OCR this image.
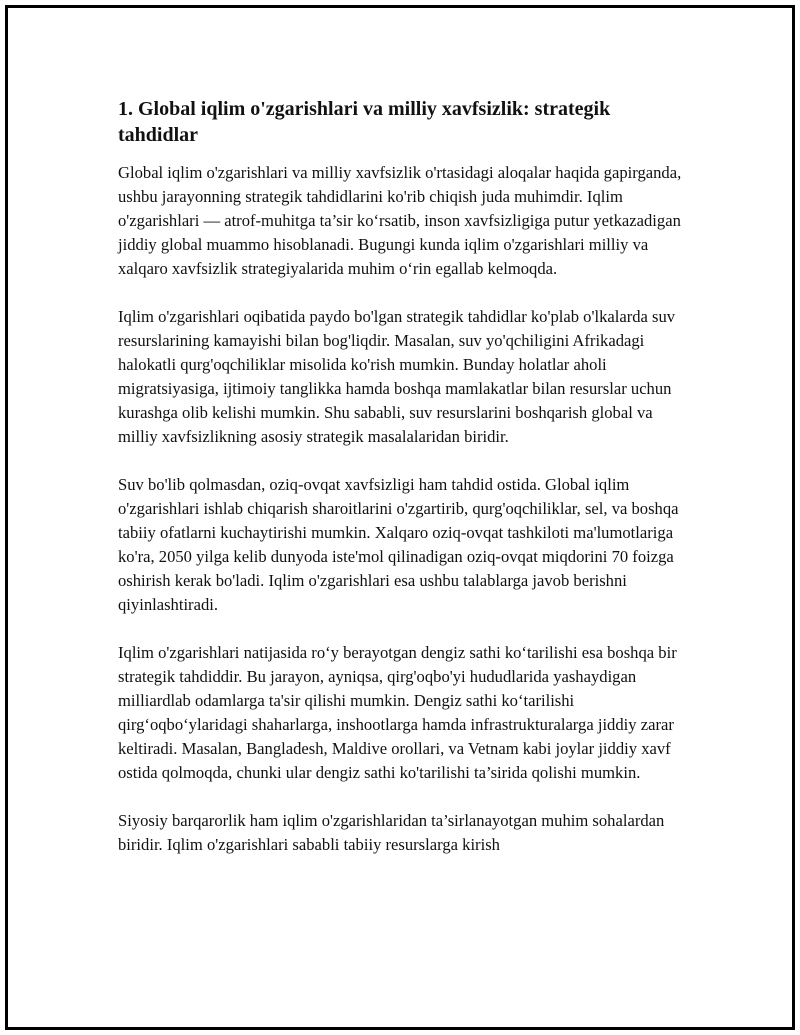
1. Global iqlim o'zgarishlari va milliy xavfsizlik: strategik tahdidlar

Global iqlim o'zgarishlari va milliy xavfsizlik o'rtasidagi aloqalar haqida gapirganda, ushbu jarayonning strategik tahdidlarini ko'rib chiqish juda muhimdir. Iqlim o'zgarishlari — atrof-muhitga ta’sir ko‘rsatib, inson xavfsizligiga putur yetkazadigan jiddiy global muammo hisoblanadi. Bugungi kunda iqlim o'zgarishlari milliy va xalqaro xavfsizlik strategiyalarida muhim o‘rin egallab kelmoqda.

Iqlim o'zgarishlari oqibatida paydo bo'lgan strategik tahdidlar ko'plab o'lkalarda suv resurslarining kamayishi bilan bog'liqdir. Masalan, suv yo'qchiligini Afrikadagi halokatli qurg'oqchiliklar misolida ko'rish mumkin. Bunday holatlar aholi migratsiyasiga, ijtimoiy tanglikka hamda boshqa mamlakatlar bilan resurslar uchun kurashga olib kelishi mumkin. Shu sababli, suv resurslarini boshqarish global va milliy xavfsizlikning asosiy strategik masalalaridan biridir.

Suv bo'lib qolmasdan, oziq-ovqat xavfsizligi ham tahdid ostida. Global iqlim o'zgarishlari ishlab chiqarish sharoitlarini o'zgartirib, qurg'oqchiliklar, sel, va boshqa tabiiy ofatlarni kuchaytirishi mumkin. Xalqaro oziq-ovqat tashkiloti ma'lumotlariga ko'ra, 2050 yilga kelib dunyoda iste'mol qilinadigan oziq-ovqat miqdorini 70 foizga oshirish kerak bo'ladi. Iqlim o'zgarishlari esa ushbu talablarga javob berishni qiyinlashtiradi.

Iqlim o'zgarishlari natijasida ro‘y berayotgan dengiz sathi ko‘tarilishi esa boshqa bir strategik tahdiddir. Bu jarayon, ayniqsa, qirg'oqbo'yi hududlarida yashaydigan milliardlab odamlarga ta'sir qilishi mumkin. Dengiz sathi ko‘tarilishi qirg‘oqbo‘ylaridagi shaharlarga, inshootlarga hamda infrastrukturalarga jiddiy zarar keltiradi. Masalan, Bangladesh, Maldive orollari, va Vetnam kabi joylar jiddiy xavf ostida qolmoqda, chunki ular dengiz sathi ko'tarilishi ta’sirida qolishi mumkin.

Siyosiy barqarorlik ham iqlim o'zgarishlaridan ta’sirlanayotgan muhim sohalardan biridir. Iqlim o'zgarishlari sababli tabiiy resurslarga kirish
